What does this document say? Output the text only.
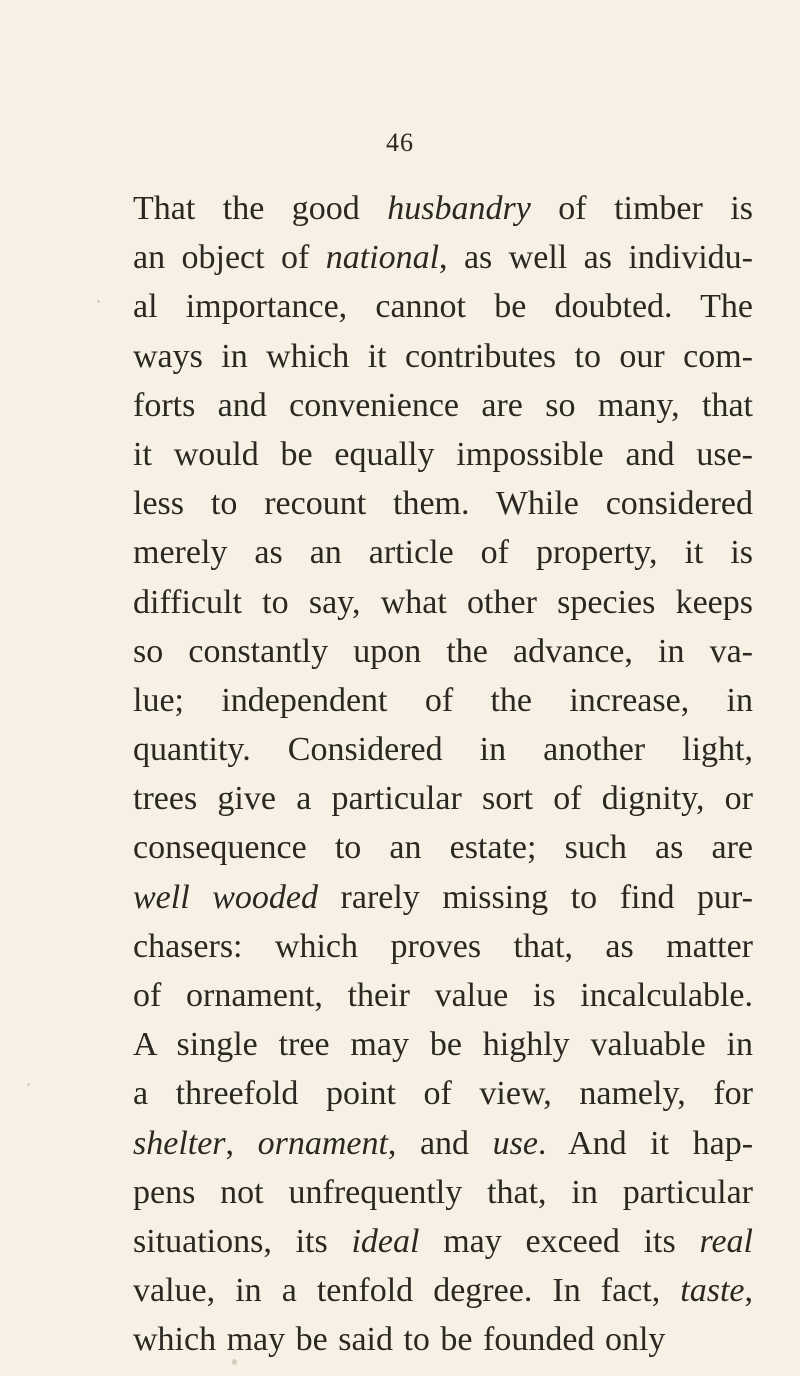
46
That the good husbandry of timber is
an object of national, as well as individu-
al importance, cannot be doubted. The
ways in which it contributes to our com-
forts and convenience are so many, that
it would be equally impossible and use-
less to recount them. While considered
merely as an article of property, it is
difficult to say, what other species keeps
so constantly upon the advance, in va-
lue; independent of the increase, in
quantity. Considered in another light,
trees give a particular sort of dignity, or
consequence to an estate; such as are
well wooded rarely missing to find pur-
chasers: which proves that, as matter
of ornament, their value is incalculable.
A single tree may be highly valuable in
a threefold point of view, namely, for
shelter, ornament, and use. And it hap-
pens not unfrequently that, in particular
situations, its ideal may exceed its real
value, in a tenfold degree. In fact, taste,
which may be said to be founded only
